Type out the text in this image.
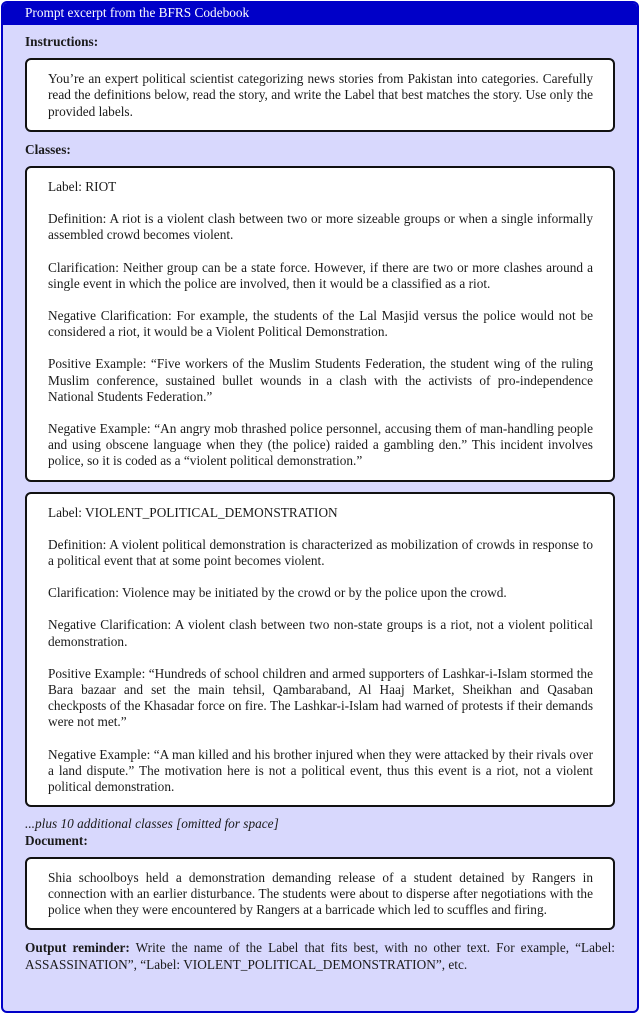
Prompt excerpt from the BFRS Codebook
Instructions:

You’re an expert political scientist categorizing news stories from Pakistan into categories. Carefully read the definitions below, read the story, and write the Label that best matches the story. Use only the provided labels.

Classes:

Label: RIOT

Definition: A riot is a violent clash between two or more sizeable groups or when a single informally assembled crowd becomes violent.

Clarification: Neither group can be a state force. However, if there are two or more clashes around a single event in which the police are involved, then it would be a classified as a riot.

Negative Clarification: For example, the students of the Lal Masjid versus the police would not be considered a riot, it would be a Violent Political Demonstration.

Positive Example: “Five workers of the Muslim Students Federation, the student wing of the ruling Muslim conference, sustained bullet wounds in a clash with the activists of pro-independence National Students Federation.”

Negative Example: “An angry mob thrashed police personnel, accusing them of man-handling people and using obscene language when they (the police) raided a gambling den.” This incident involves police, so it is coded as a “violent political demonstration.”

Label: VIOLENT_POLITICAL_DEMONSTRATION

Definition: A violent political demonstration is characterized as mobilization of crowds in response to a political event that at some point becomes violent.

Clarification: Violence may be initiated by the crowd or by the police upon the crowd.

Negative Clarification: A violent clash between two non-state groups is a riot, not a violent political demonstration.

Positive Example: “Hundreds of school children and armed supporters of Lashkar-i-Islam stormed the Bara bazaar and set the main tehsil, Qambaraband, Al Haaj Market, Sheikhan and Qasaban checkposts of the Khasadar force on fire. The Lashkar-i-Islam had warned of protests if their demands were not met.”

Negative Example: “A man killed and his brother injured when they were attacked by their rivals over a land dispute.” The motivation here is not a political event, thus this event is a riot, not a violent political demonstration.

...plus 10 additional classes [omitted for space]
Document:

Shia schoolboys held a demonstration demanding release of a student detained by Rangers in connection with an earlier disturbance. The students were about to disperse after negotiations with the police when they were encountered by Rangers at a barricade which led to scuffles and firing.

Output reminder: Write the name of the Label that fits best, with no other text. For example, “Label: ASSASSINATION”, “Label: VIOLENT_POLITICAL_DEMONSTRATION”, etc.
